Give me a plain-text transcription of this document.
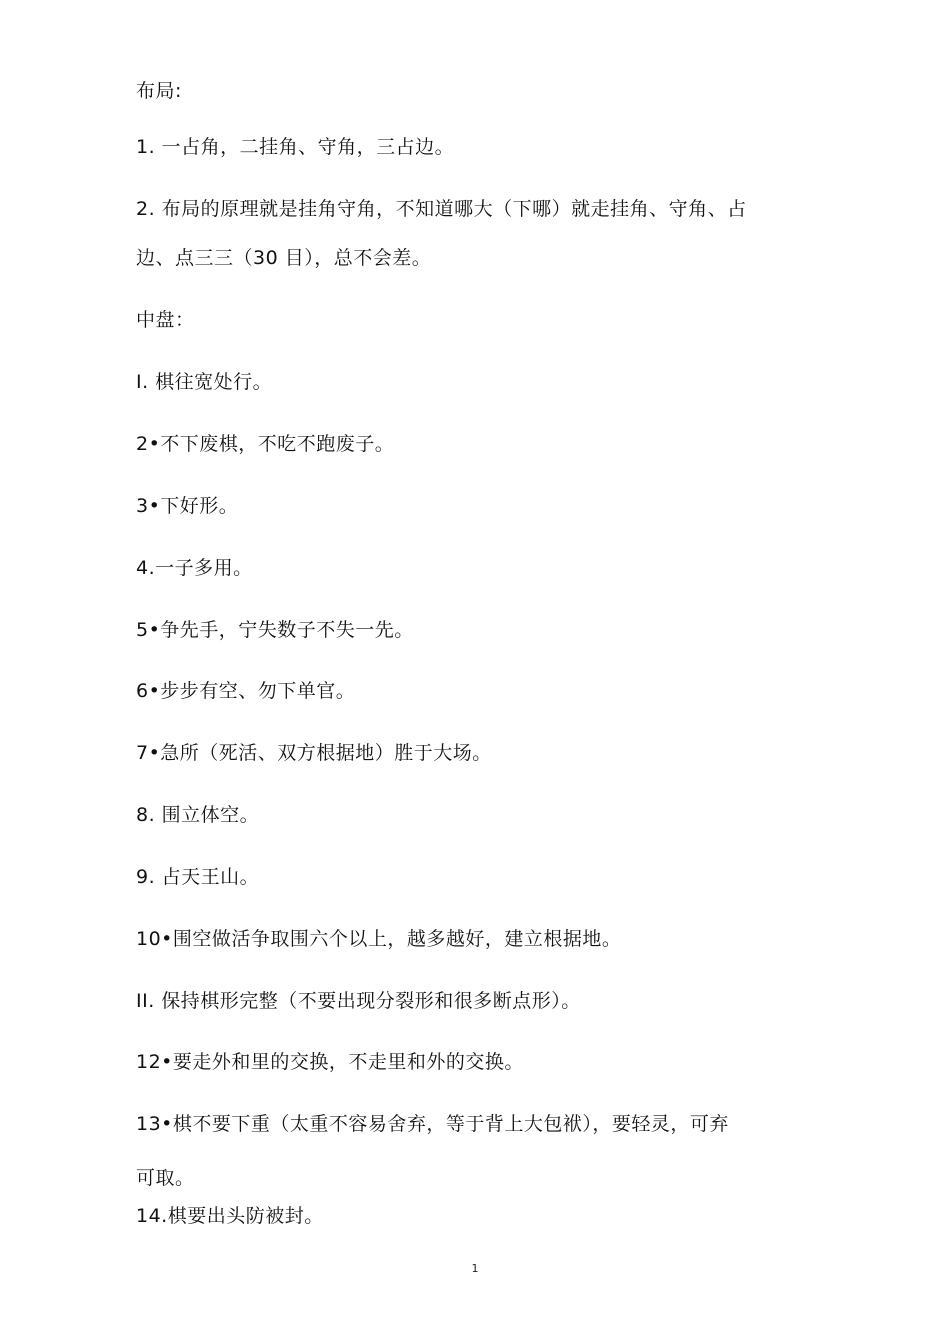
布局:
1. 一占角，二挂角、守角，三占边。
2. 布局的原理就是挂角守角，不知道哪大（下哪）就走挂角、守角、占
边、点三三（30 目），总不会差。
中盘：
I. 棋往宽处行。
2•不下废棋，不吃不跑废子。
3•下好形。
4.一子多用。
5•争先手，宁失数子不失一先。
6•步步有空、勿下单官。
7•急所（死活、双方根据地）胜于大场。
8. 围立体空。
9. 占天王山。
10•围空做活争取围六个以上，越多越好，建立根据地。
II. 保持棋形完整（不要出现分裂形和很多断点形）。
12•要走外和里的交换，不走里和外的交换。
13•棋不要下重（太重不容易舍弃，等于背上大包袱），要轻灵，可弃
可取。
14.棋要出头防被封。
1
